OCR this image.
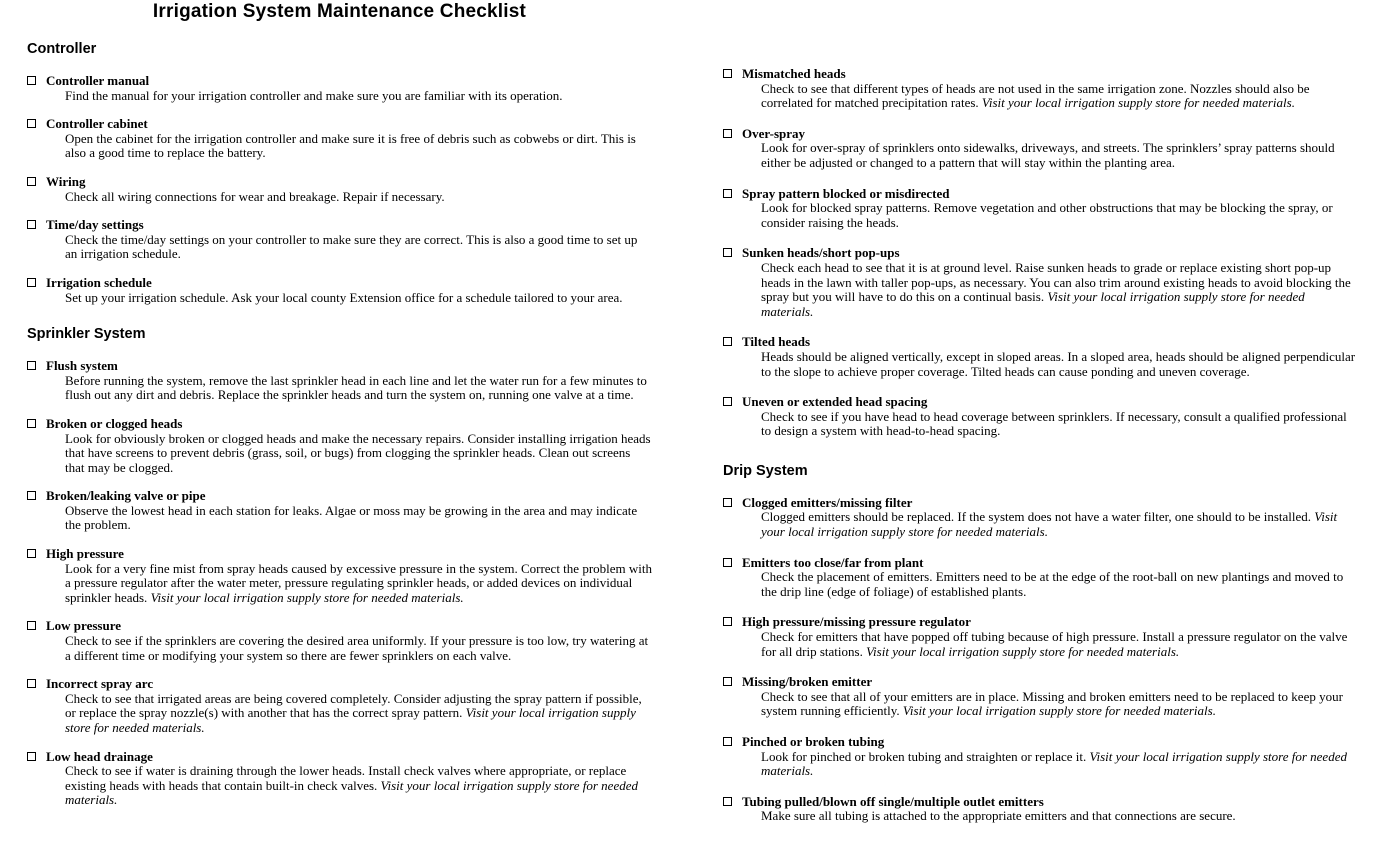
Irrigation System Maintenance Checklist
Controller
Controller manual
Find the manual for your irrigation controller and make sure you are familiar with its operation.
Controller cabinet
Open the cabinet for the irrigation controller and make sure it is free of debris such as cobwebs or dirt. This is also a good time to replace the battery.
Wiring
Check all wiring connections for wear and breakage. Repair if necessary.
Time/day settings
Check the time/day settings on your controller to make sure they are correct. This is also a good time to set up an irrigation schedule.
Irrigation schedule
Set up your irrigation schedule. Ask your local county Extension office for a schedule tailored to your area.
Sprinkler System
Flush system
Before running the system, remove the last sprinkler head in each line and let the water run for a few minutes to flush out any dirt and debris. Replace the sprinkler heads and turn the system on, running one valve at a time.
Broken or clogged heads
Look for obviously broken or clogged heads and make the necessary repairs. Consider installing irrigation heads that have screens to prevent debris (grass, soil, or bugs) from clogging the sprinkler heads. Clean out screens that may be clogged.
Broken/leaking valve or pipe
Observe the lowest head in each station for leaks. Algae or moss may be growing in the area and may indicate the problem.
High pressure
Look for a very fine mist from spray heads caused by excessive pressure in the system. Correct the problem with a pressure regulator after the water meter, pressure regulating sprinkler heads, or added devices on individual sprinkler heads. Visit your local irrigation supply store for needed materials.
Low pressure
Check to see if the sprinklers are covering the desired area uniformly. If your pressure is too low, try watering at a different time or modifying your system so there are fewer sprinklers on each valve.
Incorrect spray arc
Check to see that irrigated areas are being covered completely. Consider adjusting the spray pattern if possible, or replace the spray nozzle(s) with another that has the correct spray pattern. Visit your local irrigation supply store for needed materials.
Low head drainage
Check to see if water is draining through the lower heads. Install check valves where appropriate, or replace existing heads with heads that contain built-in check valves. Visit your local irrigation supply store for needed materials.
Mismatched heads
Check to see that different types of heads are not used in the same irrigation zone. Nozzles should also be correlated for matched precipitation rates. Visit your local irrigation supply store for needed materials.
Over-spray
Look for over-spray of sprinklers onto sidewalks, driveways, and streets. The sprinklers’ spray patterns should either be adjusted or changed to a pattern that will stay within the planting area.
Spray pattern blocked or misdirected
Look for blocked spray patterns. Remove vegetation and other obstructions that may be blocking the spray, or consider raising the heads.
Sunken heads/short pop-ups
Check each head to see that it is at ground level. Raise sunken heads to grade or replace existing short pop-up heads in the lawn with taller pop-ups, as necessary. You can also trim around existing heads to avoid blocking the spray but you will have to do this on a continual basis. Visit your local irrigation supply store for needed materials.
Tilted heads
Heads should be aligned vertically, except in sloped areas. In a sloped area, heads should be aligned perpendicular to the slope to achieve proper coverage. Tilted heads can cause ponding and uneven coverage.
Uneven or extended head spacing
Check to see if you have head to head coverage between sprinklers. If necessary, consult a qualified professional to design a system with head-to-head spacing.
Drip System
Clogged emitters/missing filter
Clogged emitters should be replaced. If the system does not have a water filter, one should to be installed. Visit your local irrigation supply store for needed materials.
Emitters too close/far from plant
Check the placement of emitters. Emitters need to be at the edge of the root-ball on new plantings and moved to the drip line (edge of foliage) of established plants.
High pressure/missing pressure regulator
Check for emitters that have popped off tubing because of high pressure. Install a pressure regulator on the valve for all drip stations. Visit your local irrigation supply store for needed materials.
Missing/broken emitter
Check to see that all of your emitters are in place. Missing and broken emitters need to be replaced to keep your system running efficiently. Visit your local irrigation supply store for needed materials.
Pinched or broken tubing
Look for pinched or broken tubing and straighten or replace it. Visit your local irrigation supply store for needed materials.
Tubing pulled/blown off single/multiple outlet emitters
Make sure all tubing is attached to the appropriate emitters and that connections are secure.
